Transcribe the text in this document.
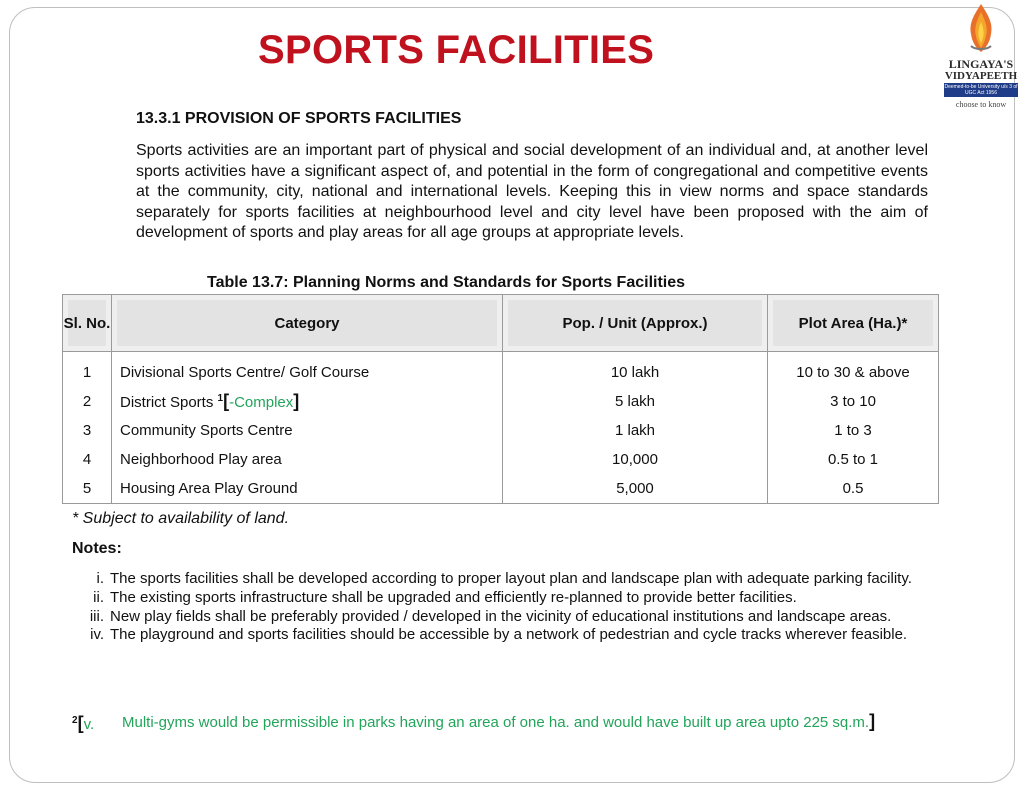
SPORTS FACILITIES	LINGAYA'S
VIDYAPEETH
Deemed-to-be University u/s 3 of UGC Act 1956
choose to know
13.3.1 PROVISION OF SPORTS FACILITIES
Sports activities are an important part of physical and social development of an individual and, at another level sports activities have a significant aspect of, and potential in the form of congregational and competitive events at the community, city, national and international levels. Keeping this in view norms and space standards separately for sports facilities at neighbourhood level and city level have been proposed with the aim of development of sports and play areas for all age groups at appropriate levels.
Table 13.7: Planning Norms and Standards for Sports Facilities
Sl. No.	Category	Pop. / Unit (Approx.)	Plot Area (Ha.)*
1	Divisional Sports Centre/ Golf Course	10 lakh	10 to 30 & above
2	District Sports $^1$[-Complex]	5 lakh	3 to 10
3	Community Sports Centre	1 lakh	1 to 3
4	Neighborhood Play area	10,000	0.5 to 1
5	Housing Area Play Ground	5,000	0.5
* Subject to availability of land.
Notes:
i. The sports facilities shall be developed according to proper layout plan and landscape plan with adequate parking facility.
ii. The existing sports infrastructure shall be upgraded and efficiently re-planned to provide better facilities.
iii. New play fields shall be preferably provided / developed in the vicinity of educational institutions and landscape areas.
iv. The playground and sports facilities should be accessible by a network of pedestrian and cycle tracks wherever feasible.
$^2$[v.	Multi-gyms would be permissible in parks having an area of one ha. and would have built up area upto 225 sq.m.]
